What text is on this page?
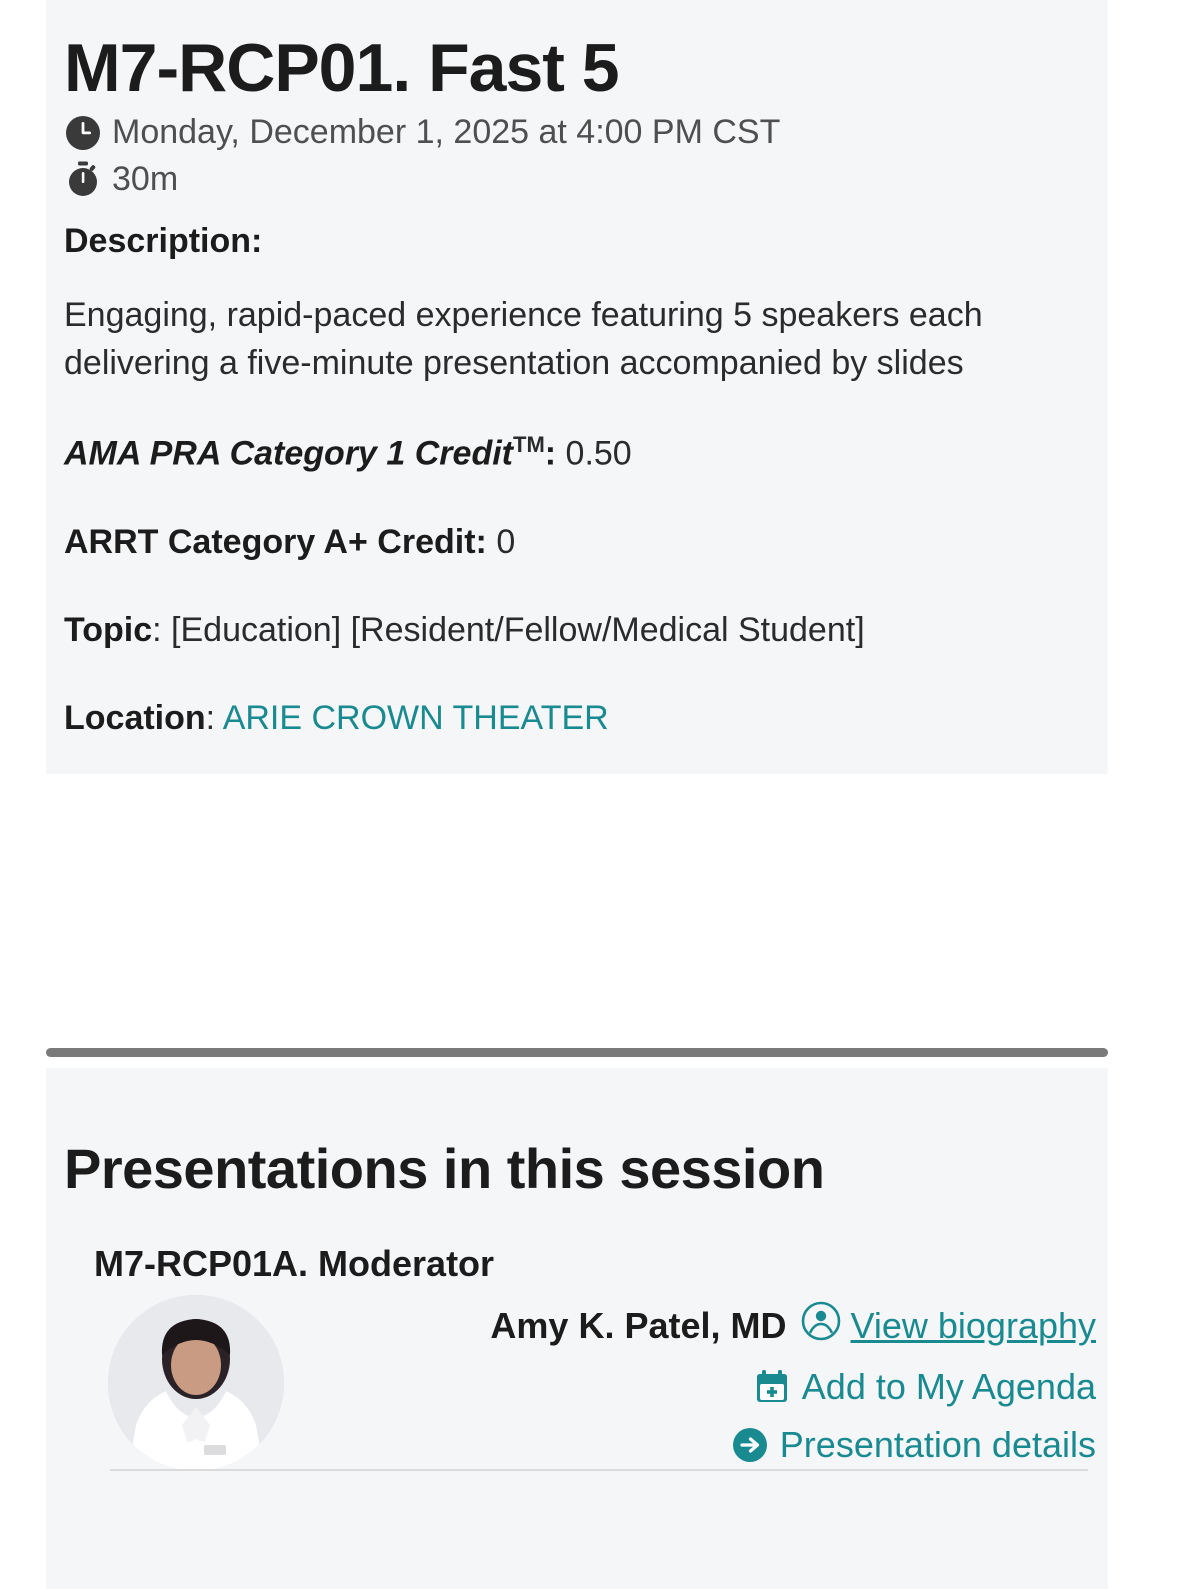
M7-RCP01. Fast 5
Monday, December 1, 2025 at 4:00 PM CST
30m
Description:
Engaging, rapid-paced experience featuring 5 speakers each delivering a five-minute presentation accompanied by slides
AMA PRA Category 1 Credit™: 0.50
ARRT Category A+ Credit: 0
Topic: [Education] [Resident/Fellow/Medical Student]
Location: ARIE CROWN THEATER
Presentations in this session
M7-RCP01A. Moderator
Amy K. Patel, MD View biography
Add to My Agenda
Presentation details
